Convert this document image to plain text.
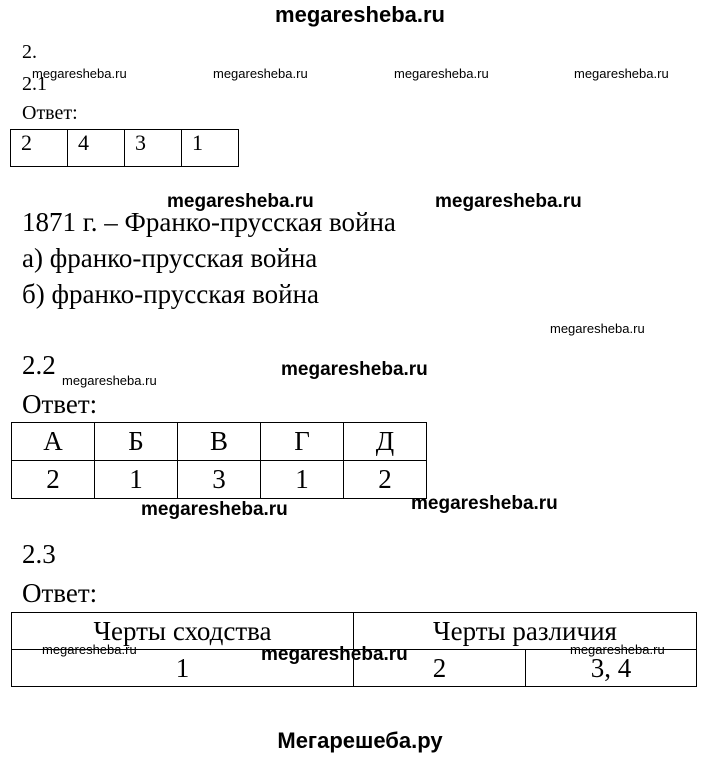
megaresheba.ru
megaresheba.ru	megaresheba.ru	megaresheba.ru	megaresheba.ru
megaresheba.ru
megaresheba.ru
megaresheba.ru	megaresheba.ru
megaresheba.ru	megaresheba.ru
megaresheba.ru
megaresheba.ru
megaresheba.ru
megaresheba.ru
2.
2.1
Ответ:
2	4	3	1
1871 г. – Франко-прусская война
а) франко-прусская война
б) франко-прусская война
2.2
Ответ:
А	Б	В	Г	Д
2	1	3	1	2
2.3
Ответ:
Черты сходства	Черты различия	
1	2	3, 4
Мегарешеба.ру
